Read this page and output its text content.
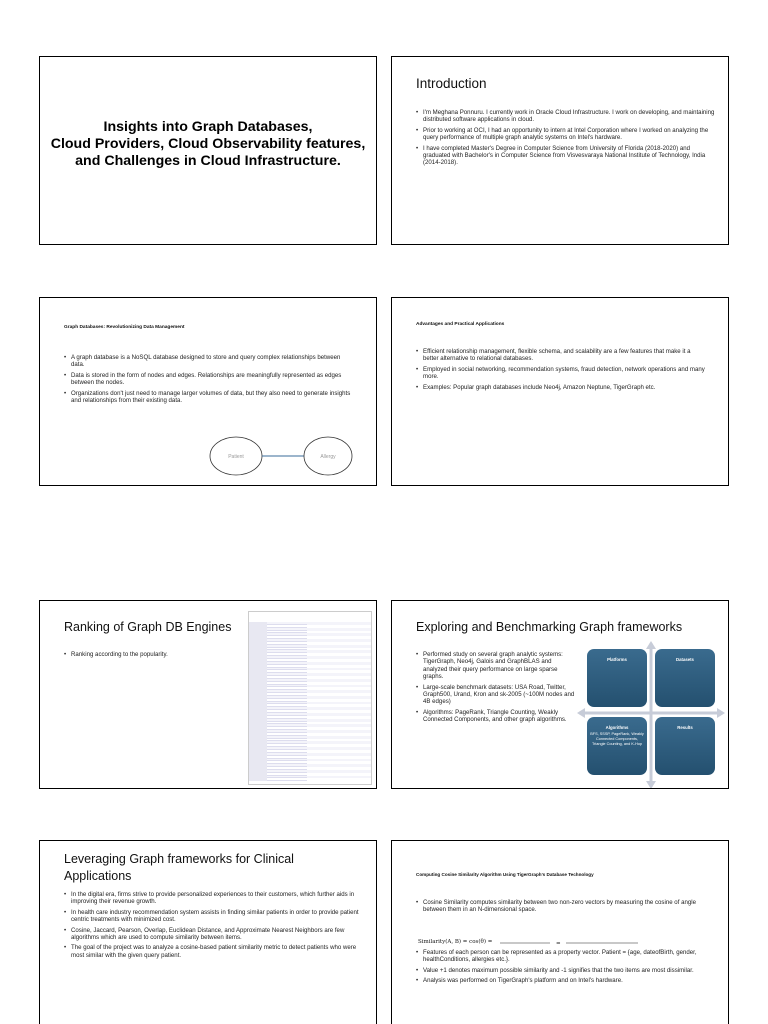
Insights into Graph Databases,
Cloud Providers, Cloud Observability features,
and Challenges in Cloud Infrastructure.
Introduction
• I'm Meghana Ponnuru. I currently work in Oracle Cloud Infrastructure. I work on developing, and maintaining distributed software applications in cloud.
• Prior to working at OCI, I had an opportunity to intern at Intel Corporation where I worked on analyzing the query performance of multiple graph analytic systems on Intel's hardware.
• I have completed Master's Degree in Computer Science from University of Florida (2018-2020) and graduated with Bachelor's in Computer Science from Visvesvaraya National Institute of Technology, India (2014-2018).
Graph Databases: Revolutionizing Data Management
• A graph database is a NoSQL database designed to store and query complex relationships between data.
• Data is stored in the form of nodes and edges. Relationships are meaningfully represented as edges between the nodes.
• Organizations don't just need to manage larger volumes of data, but they also need to generate insights and relationships from their existing data.
Patient	Allergy
Advantages and Practical Applications
• Efficient relationship management, flexible schema, and scalability are a few features that make it a better alternative to relational databases.
• Employed in social networking, recommendation systems, fraud detection, network operations and many more.
• Examples: Popular graph databases include Neo4j, Amazon Neptune, TigerGraph etc.
Ranking of Graph DB Engines
• Ranking according to the popularity.
Exploring and Benchmarking Graph frameworks
• Performed study on several graph analytic systems: TigerGraph, Neo4j, Galois and GraphBLAS and analyzed their query performance on large sparse graphs.
• Large-scale benchmark datasets: USA Road, Twitter, Graph500, Urand, Kron and sk-2005 (~100M nodes and 4B edges)
• Algorithms: PageRank, Triangle Counting, Weakly Connected Components, and other graph algorithms.
Platforms	Datasets
Algorithms
BFS, SSSP, PageRank, Weakly Connected Components, Triangle Counting, and K-Hop
Results
Leveraging Graph frameworks for Clinical
Applications
• In the digital era, firms strive to provide personalized experiences to their customers, which further aids in improving their revenue growth.
• In health care industry recommendation system assists in finding similar patients in order to provide patient centric treatments with minimized cost.
• Cosine, Jaccard, Pearson, Overlap, Euclidean Distance, and Approximate Nearest Neighbors are few algorithms which are used to compute similarity between items.
• The goal of the project was to analyze a cosine-based patient similarity metric to detect patients who were most similar with the given query patient.
Computing Cosine Similarity Algorithm Using TigerGraph's Database Technology
• Cosine Similarity computes similarity between two non-zero vectors by measuring the cosine of angle between them in an N-dimensional space.
Similarity(A, B) = cos(θ) =	=
• Features of each person can be represented as a property vector. Patient = {age, dateofBirth, gender, healthConditions, allergies etc.}.
• Value +1 denotes maximum possible similarity and -1 signifies that the two items are most dissimilar.
• Analysis was performed on TigerGraph's platform and on Intel's hardware.
